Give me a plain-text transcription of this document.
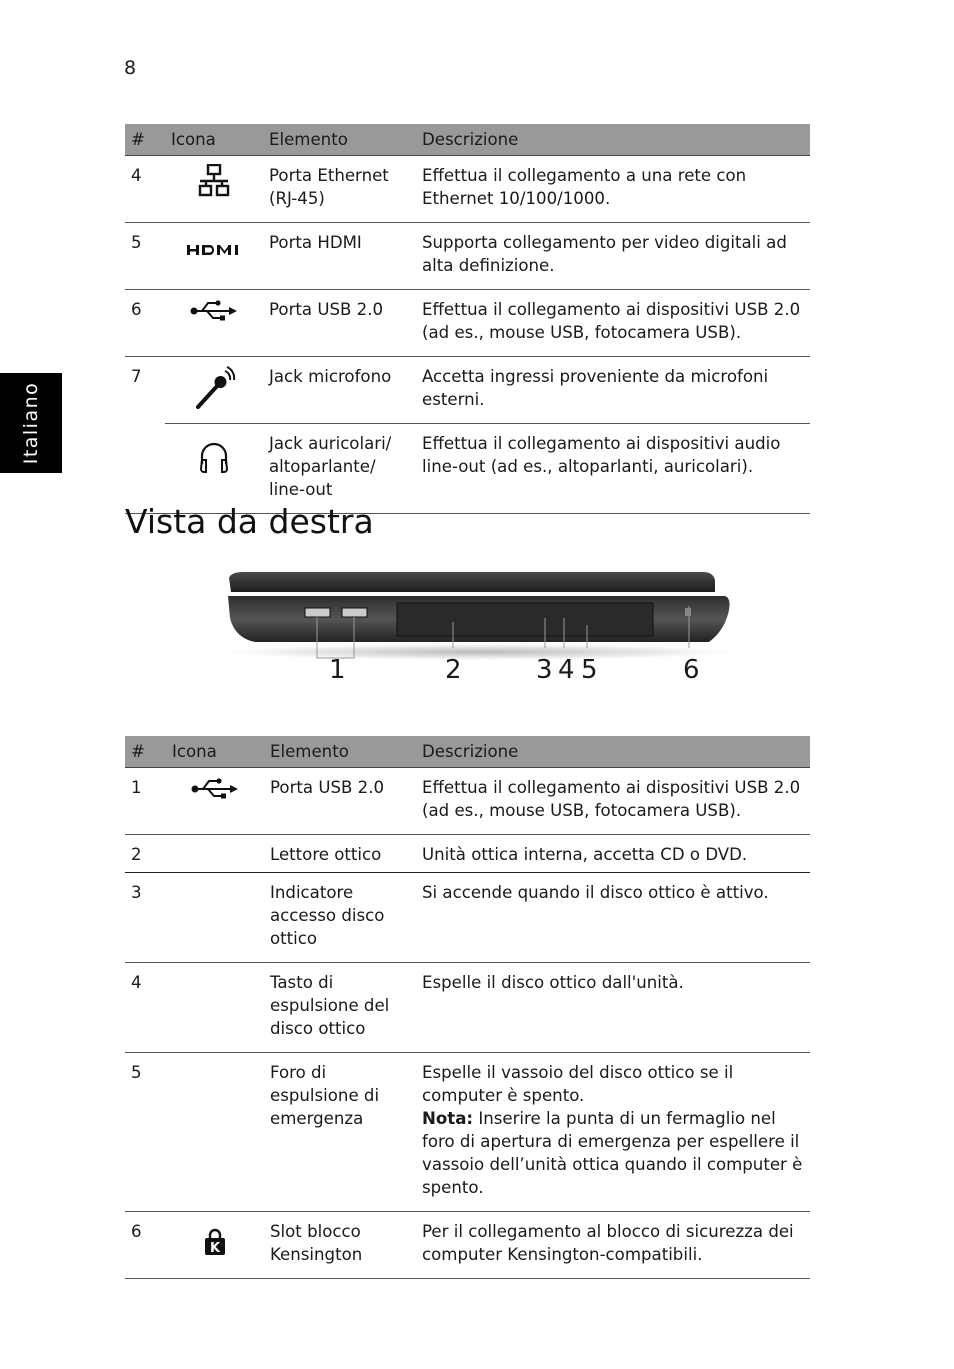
8
Italiano
#	Icona	Elemento	Descrizione
4		Porta Ethernet (RJ-45)	Effettua il collegamento a una rete con Ethernet 10/100/1000.
5		Porta HDMI	Supporta collegamento per video digitali ad alta definizione.
6		Porta USB 2.0	Effettua il collegamento ai dispositivi USB 2.0 (ad es., mouse USB, fotocamera USB).
7		Jack microfono	Accetta ingressi proveniente da microfoni esterni.
		Jack auricolari/ altoparlante/ line-out	Effettua il collegamento ai dispositivi audio line-out (ad es., altoparlanti, auricolari).
Vista da destra
1	2	3 4 5	6
#	Icona	Elemento	Descrizione
1		Porta USB 2.0	Effettua il collegamento ai dispositivi USB 2.0 (ad es., mouse USB, fotocamera USB).
2		Lettore ottico	Unità ottica interna, accetta CD o DVD.
3		Indicatore accesso disco ottico	Si accende quando il disco ottico è attivo.
4		Tasto di espulsione del disco ottico	Espelle il disco ottico dall'unità.
5		Foro di espulsione di emergenza	Espelle il vassoio del disco ottico se il computer è spento.
Nota: Inserire la punta di un fermaglio nel foro di apertura di emergenza per espellere il vassoio dell’unità ottica quando il computer è spento.

6	K	Slot blocco Kensington	Per il collegamento al blocco di sicurezza dei computer Kensington-compatibili.
